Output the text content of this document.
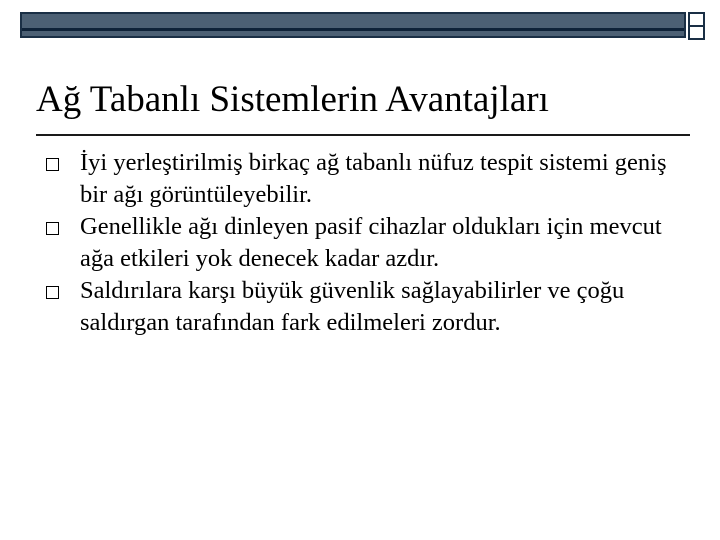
Ağ Tabanlı Sistemlerin Avantajları
İyi yerleştirilmiş birkaç ağ tabanlı nüfuz tespit sistemi geniş bir ağı görüntüleyebilir.
Genellikle ağı dinleyen pasif cihazlar oldukları için mevcut ağa etkileri yok denecek kadar azdır.
Saldırılara karşı büyük güvenlik sağlayabilirler ve çoğu saldırgan tarafından fark edilmeleri zordur.
